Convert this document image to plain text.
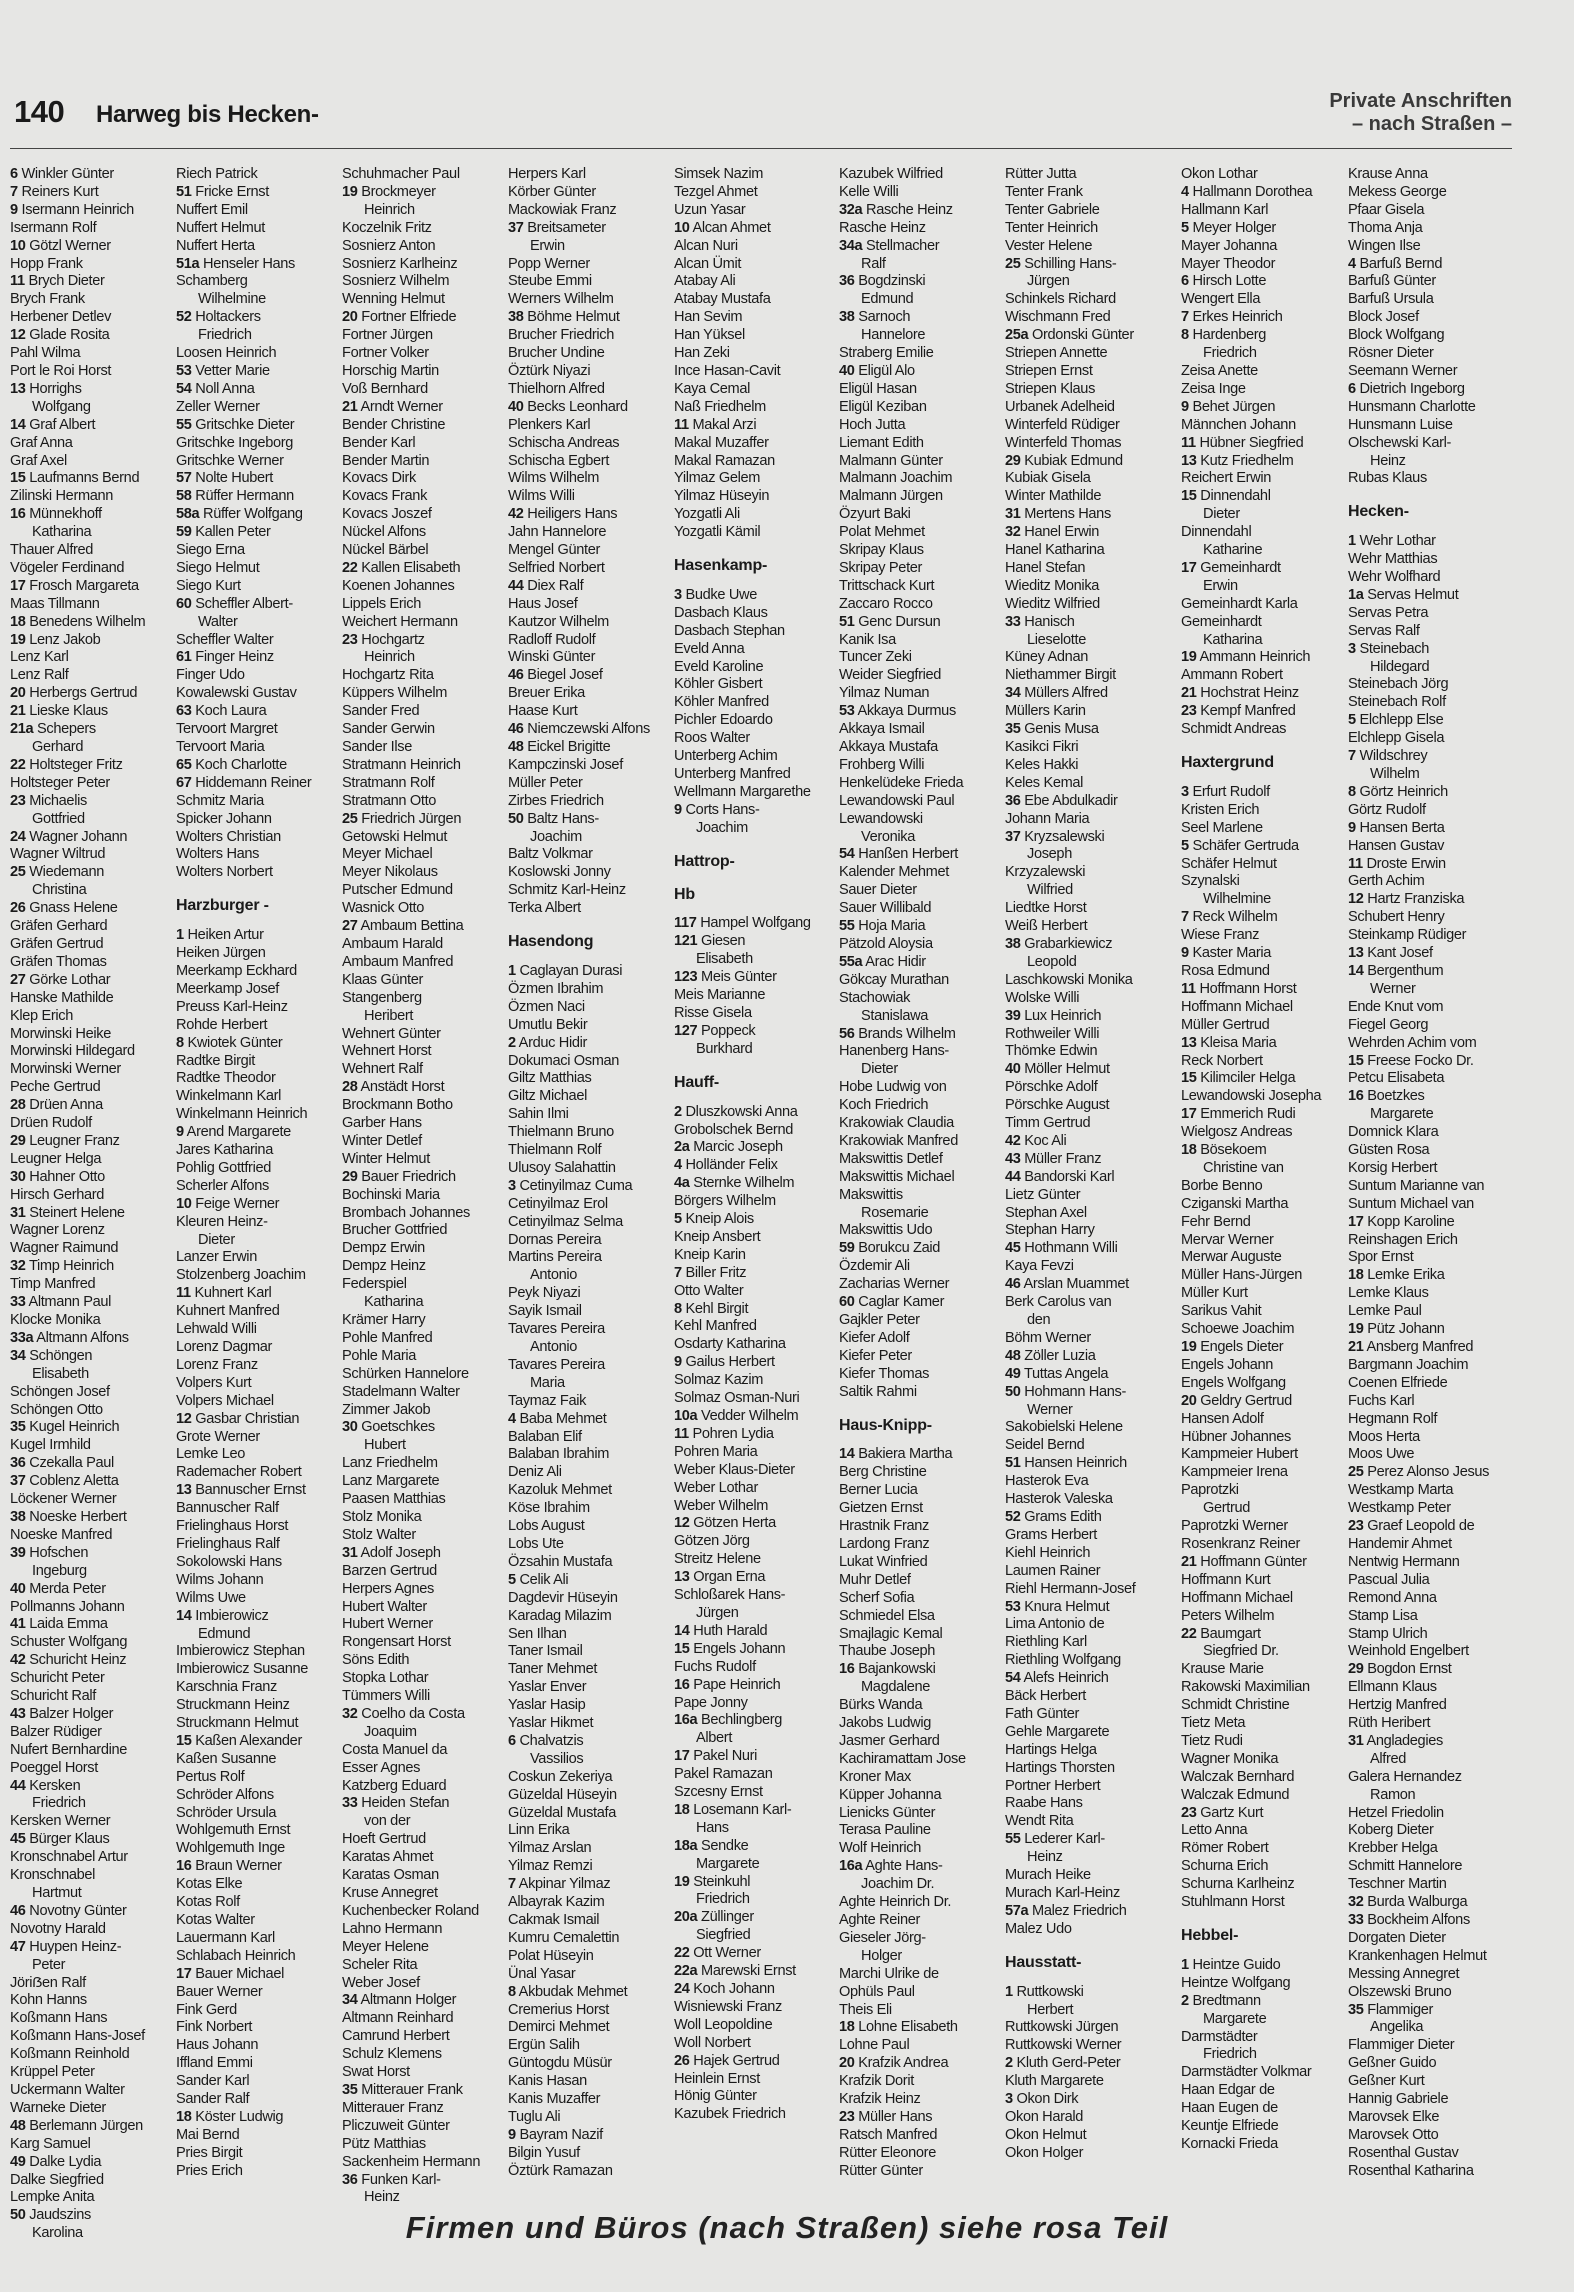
140 Harweg bis Hecken-	Private Anschriften
– nach Straßen –
6 Winkler Günter
7 Reiners Kurt
9 Isermann Heinrich
Isermann Rolf
10 Götzl Werner
Hopp Frank
11 Brych Dieter
Brych Frank
Herbener Detlev
12 Glade Rosita
Pahl Wilma
Port le Roi Horst
13 Horrighs
Wolfgang
14 Graf Albert
Graf Anna
Graf Axel
15 Laufmanns Bernd
Zilinski Hermann
16 Münnekhoff
Katharina
Thauer Alfred
Vögeler Ferdinand
17 Frosch Margareta
Maas Tillmann
18 Benedens Wilhelm
19 Lenz Jakob
Lenz Karl
Lenz Ralf
20 Herbergs Gertrud
21 Lieske Klaus
21a Schepers
Gerhard
22 Holtsteger Fritz
Holtsteger Peter
23 Michaelis
Gottfried
24 Wagner Johann
Wagner Wiltrud
25 Wiedemann
Christina
26 Gnass Helene
Gräfen Gerhard
Gräfen Gertrud
Gräfen Thomas
27 Görke Lothar
Hanske Mathilde
Klep Erich
Morwinski Heike
Morwinski Hildegard
Morwinski Werner
Peche Gertrud
28 Drüen Anna
Drüen Rudolf
29 Leugner Franz
Leugner Helga
30 Hahner Otto
Hirsch Gerhard
31 Steinert Helene
Wagner Lorenz
Wagner Raimund
32 Timp Heinrich
Timp Manfred
33 Altmann Paul
Klocke Monika
33a Altmann Alfons
34 Schöngen
Elisabeth
Schöngen Josef
Schöngen Otto
35 Kugel Heinrich
Kugel Irmhild
36 Czekalla Paul
37 Coblenz Aletta
Löckener Werner
38 Noeske Herbert
Noeske Manfred
39 Hofschen
Ingeburg
40 Merda Peter
Pollmanns Johann
41 Laida Emma
Schuster Wolfgang
42 Schuricht Heinz
Schuricht Peter
Schuricht Ralf
43 Balzer Holger
Balzer Rüdiger
Nufert Bernhardine
Poeggel Horst
44 Kersken
Friedrich
Kersken Werner
45 Bürger Klaus
Kronschnabel Artur
Kronschnabel
Hartmut
46 Novotny Günter
Novotny Harald
47 Huypen Heinz-
Peter
Jöriẞen Ralf
Kohn Hanns
Koßmann Hans
Koßmann Hans-Josef
Koßmann Reinhold
Krüppel Peter
Uckermann Walter
Warneke Dieter
48 Berlemann Jürgen
Karg Samuel
49 Dalke Lydia
Dalke Siegfried
Lempke Anita
50 Jaudszins
Karolina
Riech Patrick
51 Fricke Ernst
Nuffert Emil
Nuffert Helmut
Nuffert Herta
51a Henseler Hans
Schamberg
Wilhelmine
52 Holtackers
Friedrich
Loosen Heinrich
53 Vetter Marie
54 Noll Anna
Zeller Werner
55 Gritschke Dieter
Gritschke Ingeborg
Gritschke Werner
57 Nolte Hubert
58 Rüffer Hermann
58a Rüffer Wolfgang
59 Kallen Peter
Siego Erna
Siego Helmut
Siego Kurt
60 Scheffler Albert-
Walter
Scheffler Walter
61 Finger Heinz
Finger Udo
Kowalewski Gustav
63 Koch Laura
Tervoort Margret
Tervoort Maria
65 Koch Charlotte
67 Hiddemann Reiner
Schmitz Maria
Spicker Johann
Wolters Christian
Wolters Hans
Wolters Norbert
Harzburger -
1 Heiken Artur
Heiken Jürgen
Meerkamp Eckhard
Meerkamp Josef
Preuss Karl-Heinz
Rohde Herbert
8 Kwiotek Günter
Radtke Birgit
Radtke Theodor
Winkelmann Karl
Winkelmann Heinrich
9 Arend Margarete
Jares Katharina
Pohlig Gottfried
Scherler Alfons
10 Feige Werner
Kleuren Heinz-
Dieter
Lanzer Erwin
Stolzenberg Joachim
11 Kuhnert Karl
Kuhnert Manfred
Lehwald Willi
Lorenz Dagmar
Lorenz Franz
Volpers Kurt
Volpers Michael
12 Gasbar Christian
Grote Werner
Lemke Leo
Rademacher Robert
13 Bannuscher Ernst
Bannuscher Ralf
Frielinghaus Horst
Frielinghaus Ralf
Sokolowski Hans
Wilms Johann
Wilms Uwe
14 Imbierowicz
Edmund
Imbierowicz Stephan
Imbierowicz Susanne
Karschnia Franz
Struckmann Heinz
Struckmann Helmut
15 Kaßen Alexander
Kaßen Susanne
Pertus Rolf
Schröder Alfons
Schröder Ursula
Wohlgemuth Ernst
Wohlgemuth Inge
16 Braun Werner
Kotas Elke
Kotas Rolf
Kotas Walter
Lauermann Karl
Schlabach Heinrich
17 Bauer Michael
Bauer Werner
Fink Gerd
Fink Norbert
Haus Johann
Iffland Emmi
Sander Karl
Sander Ralf
18 Köster Ludwig
Mai Bernd
Pries Birgit
Pries Erich
Schuhmacher Paul
19 Brockmeyer
Heinrich
Koczelnik Fritz
Sosnierz Anton
Sosnierz Karlheinz
Sosnierz Wilhelm
Wenning Helmut
20 Fortner Elfriede
Fortner Jürgen
Fortner Volker
Horschig Martin
Voß Bernhard
21 Arndt Werner
Bender Christine
Bender Karl
Bender Martin
Kovacs Dirk
Kovacs Frank
Kovacs Joszef
Nückel Alfons
Nückel Bärbel
22 Kallen Elisabeth
Koenen Johannes
Lippels Erich
Weichert Hermann
23 Hochgartz
Heinrich
Hochgartz Rita
Küppers Wilhelm
Sander Fred
Sander Gerwin
Sander Ilse
Stratmann Heinrich
Stratmann Rolf
Stratmann Otto
25 Friedrich Jürgen
Getowski Helmut
Meyer Michael
Meyer Nikolaus
Putscher Edmund
Wasnick Otto
27 Ambaum Bettina
Ambaum Harald
Ambaum Manfred
Klaas Günter
Stangenberg
Heribert
Wehnert Günter
Wehnert Horst
Wehnert Ralf
28 Anstädt Horst
Brockmann Botho
Garber Hans
Winter Detlef
Winter Helmut
29 Bauer Friedrich
Bochinski Maria
Brombach Johannes
Brucher Gottfried
Dempz Erwin
Dempz Heinz
Federspiel
Katharina
Krämer Harry
Pohle Manfred
Pohle Maria
Schürken Hannelore
Stadelmann Walter
Zimmer Jakob
30 Goetschkes
Hubert
Lanz Friedhelm
Lanz Margarete
Paasen Matthias
Stolz Monika
Stolz Walter
31 Adolf Joseph
Barzen Gertrud
Herpers Agnes
Hubert Walter
Hubert Werner
Rongensart Horst
Söns Edith
Stopka Lothar
Tümmers Willi
32 Coelho da Costa
Joaquim
Costa Manuel da
Esser Agnes
Katzberg Eduard
33 Heiden Stefan
von der
Hoeft Gertrud
Karatas Ahmet
Karatas Osman
Kruse Annegret
Kuchenbecker Roland
Lahno Hermann
Meyer Helene
Scheler Rita
Weber Josef
34 Altmann Holger
Altmann Reinhard
Camrund Herbert
Schulz Klemens
Swat Horst
35 Mitterauer Frank
Mitterauer Franz
Pliczuweit Günter
Pütz Matthias
Sackenheim Hermann
36 Funken Karl-
Heinz
Herpers Karl
Körber Günter
Mackowiak Franz
37 Breitsameter
Erwin
Popp Werner
Steube Emmi
Werners Wilhelm
38 Böhme Helmut
Brucher Friedrich
Brucher Undine
Öztürk Niyazi
Thielhorn Alfred
40 Becks Leonhard
Plenkers Karl
Schischa Andreas
Schischa Egbert
Wilms Wilhelm
Wilms Willi
42 Heiligers Hans
Jahn Hannelore
Mengel Günter
Selfried Norbert
44 Diex Ralf
Haus Josef
Kautzor Wilhelm
Radloff Rudolf
Winski Günter
46 Biegel Josef
Breuer Erika
Haase Kurt
46 Niemczewski Alfons
48 Eickel Brigitte
Kampczinski Josef
Müller Peter
Zirbes Friedrich
50 Baltz Hans-
Joachim
Baltz Volkmar
Koslowski Jonny
Schmitz Karl-Heinz
Terka Albert
Hasendong
1 Caglayan Durasi
Özmen Ibrahim
Özmen Naci
Umutlu Bekir
2 Arduc Hidir
Dokumaci Osman
Giltz Matthias
Giltz Michael
Sahin Ilmi
Thielmann Bruno
Thielmann Rolf
Ulusoy Salahattin
3 Cetinyilmaz Cuma
Cetinyilmaz Erol
Cetinyilmaz Selma
Dornas Pereira
Martins Pereira
Antonio
Peyk Niyazi
Sayik Ismail
Tavares Pereira
Antonio
Tavares Pereira
Maria
Taymaz Faik
4 Baba Mehmet
Balaban Elif
Balaban Ibrahim
Deniz Ali
Kazoluk Mehmet
Köse Ibrahim
Lobs August
Lobs Ute
Özsahin Mustafa
5 Celik Ali
Dagdevir Hüseyin
Karadag Milazim
Sen Ilhan
Taner Ismail
Taner Mehmet
Yaslar Enver
Yaslar Hasip
Yaslar Hikmet
6 Chalvatzis
Vassilios
Coskun Zekeriya
Güzeldal Hüseyin
Güzeldal Mustafa
Linn Erika
Yilmaz Arslan
Yilmaz Remzi
7 Akpinar Yilmaz
Albayrak Kazim
Cakmak Ismail
Kumru Cemalettin
Polat Hüseyin
Ünal Yasar
8 Akbudak Mehmet
Cremerius Horst
Demirci Mehmet
Ergün Salih
Güntogdu Müsür
Kanis Hasan
Kanis Muzaffer
Tuglu Ali
9 Bayram Nazif
Bilgin Yusuf
Öztürk Ramazan
Simsek Nazim
Tezgel Ahmet
Uzun Yasar
10 Alcan Ahmet
Alcan Nuri
Alcan Ümit
Atabay Ali
Atabay Mustafa
Han Sevim
Han Yüksel
Han Zeki
Ince Hasan-Cavit
Kaya Cemal
Naß Friedhelm
11 Makal Arzi
Makal Muzaffer
Makal Ramazan
Yilmaz Gelem
Yilmaz Hüseyin
Yozgatli Ali
Yozgatli Kämil
Hasenkamp-
3 Budke Uwe
Dasbach Klaus
Dasbach Stephan
Eveld Anna
Eveld Karoline
Köhler Gisbert
Köhler Manfred
Pichler Edoardo
Roos Walter
Unterberg Achim
Unterberg Manfred
Wellmann Margarethe
9 Corts Hans-
Joachim
Hattrop-
Hb
117 Hampel Wolfgang
121 Giesen
Elisabeth
123 Meis Günter
Meis Marianne
Risse Gisela
127 Poppeck
Burkhard
Hauff-
2 Dluszkowski Anna
Grobolschek Bernd
2a Marcic Joseph
4 Holländer Felix
4a Sternke Wilhelm
Börgers Wilhelm
5 Kneip Alois
Kneip Ansbert
Kneip Karin
7 Biller Fritz
Otto Walter
8 Kehl Birgit
Kehl Manfred
Osdarty Katharina
9 Gailus Herbert
Solmaz Kazim
Solmaz Osman-Nuri
10a Vedder Wilhelm
11 Pohren Lydia
Pohren Maria
Weber Klaus-Dieter
Weber Lothar
Weber Wilhelm
12 Götzen Herta
Götzen Jörg
Streitz Helene
13 Organ Erna
Schloßarek Hans-
Jürgen
14 Huth Harald
15 Engels Johann
Fuchs Rudolf
16 Pape Heinrich
Pape Jonny
16a Bechlingberg
Albert
17 Pakel Nuri
Pakel Ramazan
Szcesny Ernst
18 Losemann Karl-
Hans
18a Sendke
Margarete
19 Steinkuhl
Friedrich
20a Züllinger
Siegfried
22 Ott Werner
22a Marewski Ernst
24 Koch Johann
Wisniewski Franz
Woll Leopoldine
Woll Norbert
26 Hajek Gertrud
Heinlein Ernst
Hönig Günter
Kazubek Friedrich
Kazubek Wilfried
Kelle Willi
32a Rasche Heinz
Rasche Heinz
34a Stellmacher
Ralf
36 Bogdzinski
Edmund
38 Sarnoch
Hannelore
Straberg Emilie
40 Eligül Alo
Eligül Hasan
Eligül Keziban
Hoch Jutta
Liemant Edith
Malmann Günter
Malmann Joachim
Malmann Jürgen
Özyurt Baki
Polat Mehmet
Skripay Klaus
Skripay Peter
Trittschack Kurt
Zaccaro Rocco
51 Genc Dursun
Kanik Isa
Tuncer Zeki
Weider Siegfried
Yilmaz Numan
53 Akkaya Durmus
Akkaya Ismail
Akkaya Mustafa
Frohberg Willi
Henkelüdeke Frieda
Lewandowski Paul
Lewandowski
Veronika
54 Hanßen Herbert
Kalender Mehmet
Sauer Dieter
Sauer Willibald
55 Hoja Maria
Pätzold Aloysia
55a Arac Hidir
Gökcay Murathan
Stachowiak
Stanislawa
56 Brands Wilhelm
Hanenberg Hans-
Dieter
Hobe Ludwig von
Koch Friedrich
Krakowiak Claudia
Krakowiak Manfred
Makswittis Detlef
Makswittis Michael
Makswittis
Rosemarie
Makswittis Udo
59 Borukcu Zaid
Özdemir Ali
Zacharias Werner
60 Caglar Kamer
Gajkler Peter
Kiefer Adolf
Kiefer Peter
Kiefer Thomas
Saltik Rahmi
Haus-Knipp-
14 Bakiera Martha
Berg Christine
Berner Lucia
Gietzen Ernst
Hrastnik Franz
Lardong Franz
Lukat Winfried
Muhr Detlef
Scherf Sofia
Schmiedel Elsa
Smajlagic Kemal
Thaube Joseph
16 Bajankowski
Magdalene
Bürks Wanda
Jakobs Ludwig
Jasmer Gerhard
Kachiramattam Jose
Kroner Max
Küpper Johanna
Lienicks Günter
Terasa Pauline
Wolf Heinrich
16a Aghte Hans-
Joachim Dr.
Aghte Heinrich Dr.
Aghte Reiner
Gieseler Jörg-
Holger
Marchi Ulrike de
Ophüls Paul
Theis Eli
18 Lohne Elisabeth
Lohne Paul
20 Krafzik Andrea
Krafzik Dorit
Krafzik Heinz
23 Müller Hans
Ratsch Manfred
Rütter Eleonore
Rütter Günter
Rütter Jutta
Tenter Frank
Tenter Gabriele
Tenter Heinrich
Vester Helene
25 Schilling Hans-
Jürgen
Schinkels Richard
Wischmann Fred
25a Ordonski Günter
Striepen Annette
Striepen Ernst
Striepen Klaus
Urbanek Adelheid
Winterfeld Rüdiger
Winterfeld Thomas
29 Kubiak Edmund
Kubiak Gisela
Winter Mathilde
31 Mertens Hans
32 Hanel Erwin
Hanel Katharina
Hanel Stefan
Wieditz Monika
Wieditz Wilfried
33 Hanisch
Lieselotte
Küney Adnan
Niethammer Birgit
34 Müllers Alfred
Müllers Karin
35 Genis Musa
Kasikci Fikri
Keles Hakki
Keles Kemal
36 Ebe Abdulkadir
Johann Maria
37 Kryzsalewski
Joseph
Krzyzalewski
Wilfried
Liedtke Horst
Weiß Herbert
38 Grabarkiewicz
Leopold
Laschkowski Monika
Wolske Willi
39 Lux Heinrich
Rothweiler Willi
Thömke Edwin
40 Möller Helmut
Pörschke Adolf
Pörschke August
Timm Gertrud
42 Koc Ali
43 Müller Franz
44 Bandorski Karl
Lietz Günter
Stephan Axel
Stephan Harry
45 Hothmann Willi
Kaya Fevzi
46 Arslan Muammet
Berk Carolus van
den
Böhm Werner
48 Zöller Luzia
49 Tuttas Angela
50 Hohmann Hans-
Werner
Sakobielski Helene
Seidel Bernd
51 Hansen Heinrich
Hasterok Eva
Hasterok Valeska
52 Grams Edith
Grams Herbert
Kiehl Heinrich
Laumen Rainer
Riehl Hermann-Josef
53 Knura Helmut
Lima Antonio de
Riethling Karl
Riethling Wolfgang
54 Alefs Heinrich
Bäck Herbert
Fath Günter
Gehle Margarete
Hartings Helga
Hartings Thorsten
Portner Herbert
Raabe Hans
Wendt Rita
55 Lederer Karl-
Heinz
Murach Heike
Murach Karl-Heinz
57a Malez Friedrich
Malez Udo
Hausstatt-
1 Ruttkowski
Herbert
Ruttkowski Jürgen
Ruttkowski Werner
2 Kluth Gerd-Peter
Kluth Margarete
3 Okon Dirk
Okon Harald
Okon Helmut
Okon Holger
Okon Lothar
4 Hallmann Dorothea
Hallmann Karl
5 Meyer Holger
Mayer Johanna
Mayer Theodor
6 Hirsch Lotte
Wengert Ella
7 Erkes Heinrich
8 Hardenberg
Friedrich
Zeisa Anette
Zeisa Inge
9 Behet Jürgen
Männchen Johann
11 Hübner Siegfried
13 Kutz Friedhelm
Reichert Erwin
15 Dinnendahl
Dieter
Dinnendahl
Katharine
17 Gemeinhardt
Erwin
Gemeinhardt Karla
Gemeinhardt
Katharina
19 Ammann Heinrich
Ammann Robert
21 Hochstrat Heinz
23 Kempf Manfred
Schmidt Andreas
Haxtergrund
3 Erfurt Rudolf
Kristen Erich
Seel Marlene
5 Schäfer Gertruda
Schäfer Helmut
Szynalski
Wilhelmine
7 Reck Wilhelm
Wiese Franz
9 Kaster Maria
Rosa Edmund
11 Hoffmann Horst
Hoffmann Michael
Müller Gertrud
13 Kleisa Maria
Reck Norbert
15 Kilimciler Helga
Lewandowski Josepha
17 Emmerich Rudi
Wielgosz Andreas
18 Bösekoem
Christine van
Borbe Benno
Cziganski Martha
Fehr Bernd
Mervar Werner
Merwar Auguste
Müller Hans-Jürgen
Müller Kurt
Sarikus Vahit
Schoewe Joachim
19 Engels Dieter
Engels Johann
Engels Wolfgang
20 Geldry Gertrud
Hansen Adolf
Hübner Johannes
Kampmeier Hubert
Kampmeier Irena
Paprotzki
Gertrud
Paprotzki Werner
Rosenkranz Reiner
21 Hoffmann Günter
Hoffmann Kurt
Hoffmann Michael
Peters Wilhelm
22 Baumgart
Siegfried Dr.
Krause Marie
Rakowski Maximilian
Schmidt Christine
Tietz Meta
Tietz Rudi
Wagner Monika
Walczak Bernhard
Walczak Edmund
23 Gartz Kurt
Letto Anna
Römer Robert
Schurna Erich
Schurna Karlheinz
Stuhlmann Horst
Hebbel-
1 Heintze Guido
Heintze Wolfgang
2 Bredtmann
Margarete
Darmstädter
Friedrich
Darmstädter Volkmar
Haan Edgar de
Haan Eugen de
Keuntje Elfriede
Kornacki Frieda
Krause Anna
Mekess George
Pfaar Gisela
Thoma Anja
Wingen Ilse
4 Barfuß Bernd
Barfuß Günter
Barfuß Ursula
Block Josef
Block Wolfgang
Rösner Dieter
Seemann Werner
6 Dietrich Ingeborg
Hunsmann Charlotte
Hunsmann Luise
Olschewski Karl-
Heinz
Rubas Klaus
Hecken-
1 Wehr Lothar
Wehr Matthias
Wehr Wolfhard
1a Servas Helmut
Servas Petra
Servas Ralf
3 Steinebach
Hildegard
Steinebach Jörg
Steinebach Rolf
5 Elchlepp Else
Elchlepp Gisela
7 Wildschrey
Wilhelm
8 Görtz Heinrich
Görtz Rudolf
9 Hansen Berta
Hansen Gustav
11 Droste Erwin
Gerth Achim
12 Hartz Franziska
Schubert Henry
Steinkamp Rüdiger
13 Kant Josef
14 Bergenthum
Werner
Ende Knut vom
Fiegel Georg
Wehrden Achim vom
15 Freese Focko Dr.
Petcu Elisabeta
16 Boetzkes
Margarete
Domnick Klara
Güsten Rosa
Korsig Herbert
Suntum Marianne van
Suntum Michael van
17 Kopp Karoline
Reinshagen Erich
Spor Ernst
18 Lemke Erika
Lemke Klaus
Lemke Paul
19 Pütz Johann
21 Ansberg Manfred
Bargmann Joachim
Coenen Elfriede
Fuchs Karl
Hegmann Rolf
Moos Herta
Moos Uwe
25 Perez Alonso Jesus
Westkamp Marta
Westkamp Peter
23 Graef Leopold de
Handemir Ahmet
Nentwig Hermann
Pascual Julia
Remond Anna
Stamp Lisa
Stamp Ulrich
Weinhold Engelbert
29 Bogdon Ernst
Ellmann Klaus
Hertzig Manfred
Rüth Heribert
31 Angladegies
Alfred
Galera Hernandez
Ramon
Hetzel Friedolin
Koberg Dieter
Krebber Helga
Schmitt Hannelore
Teschner Martin
32 Burda Walburga
33 Bockheim Alfons
Dorgaten Dieter
Krankenhagen Helmut
Messing Annegret
Olszewski Bruno
35 Flammiger
Angelika
Flammiger Dieter
Geßner Guido
Geßner Kurt
Hannig Gabriele
Marovsek Elke
Marovsek Otto
Rosenthal Gustav
Rosenthal Katharina
Firmen und Büros (nach Straßen) siehe rosa Teil
